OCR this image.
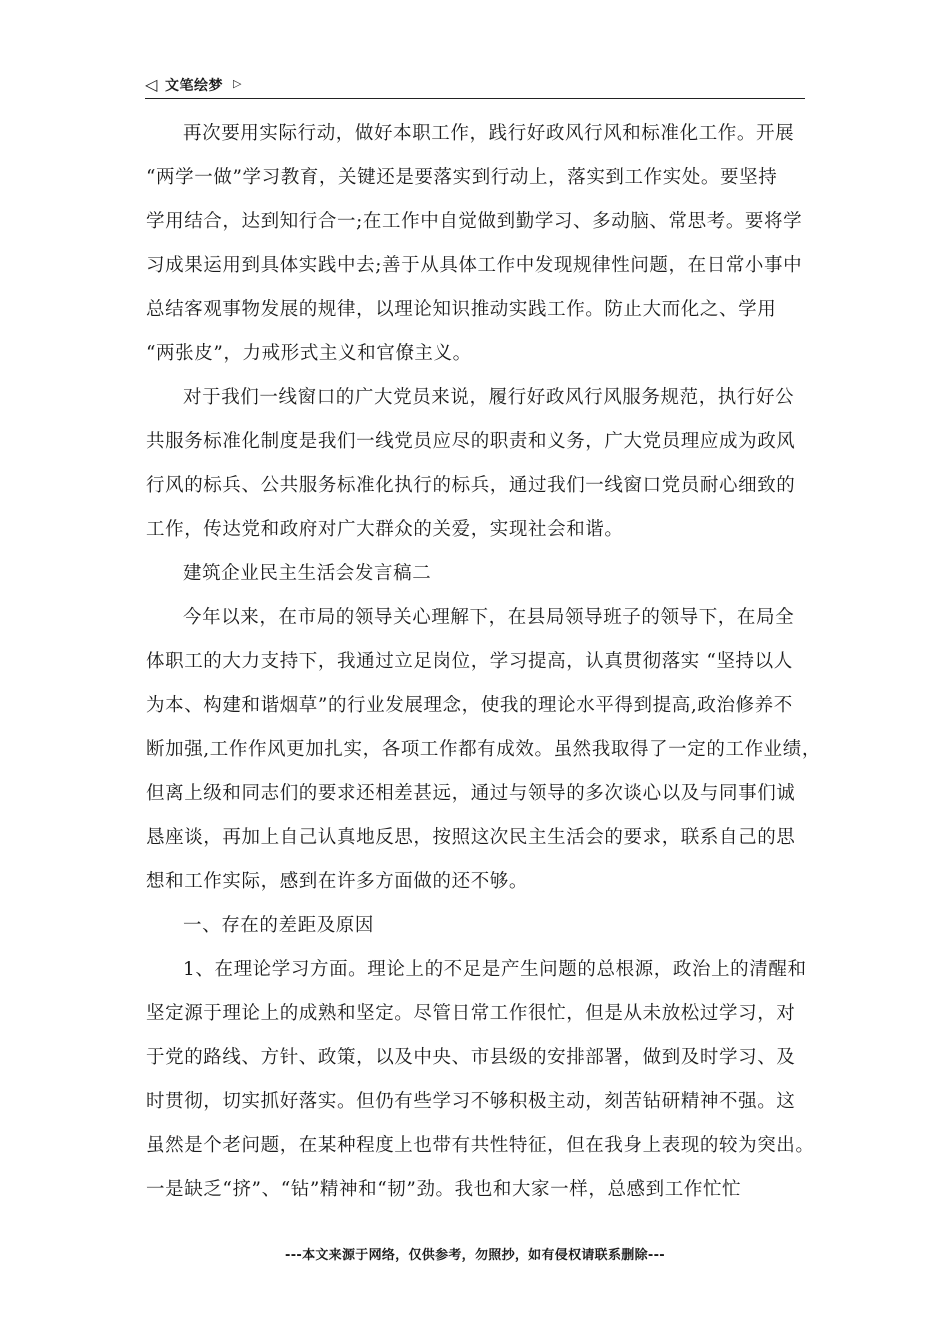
◁ 文笔绘梦 ▷
再次要用实际行动，做好本职工作，践行好政风行风和标准化工作。开展
“两学一做”学习教育，关键还是要落实到行动上，落实到工作实处。要坚持
学用结合，达到知行合一;在工作中自觉做到勤学习、多动脑、常思考。要将学
习成果运用到具体实践中去;善于从具体工作中发现规律性问题，在日常小事中
总结客观事物发展的规律，以理论知识推动实践工作。防止大而化之、学用
“两张皮”，力戒形式主义和官僚主义。
对于我们一线窗口的广大党员来说，履行好政风行风服务规范，执行好公
共服务标准化制度是我们一线党员应尽的职责和义务，广大党员理应成为政风
行风的标兵、公共服务标准化执行的标兵，通过我们一线窗口党员耐心细致的
工作，传达党和政府对广大群众的关爱，实现社会和谐。
建筑企业民主生活会发言稿二
今年以来，在市局的领导关心理解下，在县局领导班子的领导下，在局全
体职工的大力支持下，我通过立足岗位，学习提高，认真贯彻落实 “坚持以人
为本、构建和谐烟草”的行业发展理念，使我的理论水平得到提高,政治修养不
断加强,工作作风更加扎实，各项工作都有成效。虽然我取得了一定的工作业绩，
但离上级和同志们的要求还相差甚远，通过与领导的多次谈心以及与同事们诚
恳座谈，再加上自己认真地反思，按照这次民主生活会的要求，联系自己的思
想和工作实际，感到在许多方面做的还不够。
一、存在的差距及原因
1、在理论学习方面。理论上的不足是产生问题的总根源，政治上的清醒和
坚定源于理论上的成熟和坚定。尽管日常工作很忙，但是从未放松过学习，对
于党的路线、方针、政策，以及中央、市县级的安排部署，做到及时学习、及
时贯彻，切实抓好落实。但仍有些学习不够积极主动，刻苦钻研精神不强。这
虽然是个老问题，在某种程度上也带有共性特征，但在我身上表现的较为突出。
一是缺乏“挤”、“钻”精神和“韧”劲。我也和大家一样，总感到工作忙忙
---本文来源于网络，仅供参考，勿照抄，如有侵权请联系删除---
